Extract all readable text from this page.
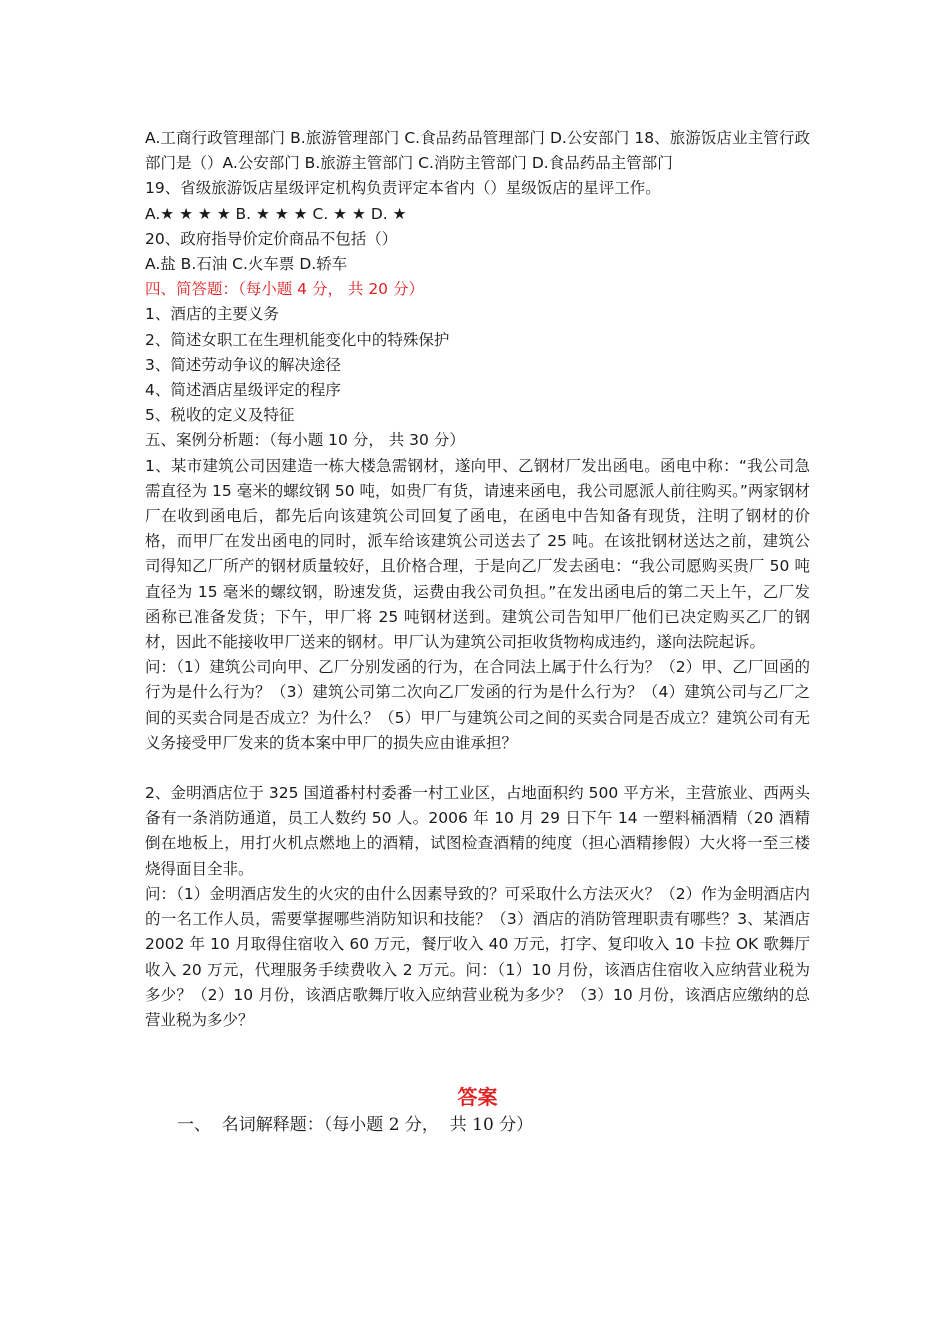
A.工商行政管理部门 B.旅游管理部门 C.食品药品管理部门 D.公安部门 18、旅游饭店业主管行政部门是（）A.公安部门 B.旅游主管部门 C.消防主管部门 D.食品药品主管部门

19、省级旅游饭店星级评定机构负责评定本省内（）星级饭店的星评工作。

A.★ ★ ★ ★ B. ★ ★ ★ C. ★ ★ D. ★

20、政府指导价定价商品不包括（）

A.盐 B.石油 C.火车票 D.轿车

四、简答题：（每小题 4 分， 共 20 分）

1、酒店的主要义务

2、简述女职工在生理机能变化中的特殊保护

3、简述劳动争议的解决途径

4、简述酒店星级评定的程序

5、税收的定义及特征

五、案例分析题：（每小题 10 分， 共 30 分）

1、某市建筑公司因建造一栋大楼急需钢材，遂向甲、乙钢材厂发出函电。函电中称：“我公司急需直径为 15 毫米的螺纹钢 50 吨，如贵厂有货，请速来函电，我公司愿派人前往购买。”两家钢材厂在收到函电后，都先后向该建筑公司回复了函电，在函电中告知备有现货，注明了钢材的价格，而甲厂在发出函电的同时，派车给该建筑公司送去了 25 吨。在该批钢材送达之前，建筑公司得知乙厂所产的钢材质量较好，且价格合理，于是向乙厂发去函电：“我公司愿购买贵厂 50 吨直径为 15 毫米的螺纹钢，盼速发货，运费由我公司负担。”在发出函电后的第二天上午，乙厂发函称已准备发货；下午，甲厂将 25 吨钢材送到。建筑公司告知甲厂他们已决定购买乙厂的钢材，因此不能接收甲厂送来的钢材。甲厂认为建筑公司拒收货物构成违约，遂向法院起诉。

问：（1）建筑公司向甲、乙厂分别发函的行为，在合同法上属于什么行为？（2）甲、乙厂回函的行为是什么行为？（3）建筑公司第二次向乙厂发函的行为是什么行为？（4）建筑公司与乙厂之间的买卖合同是否成立？为什么？（5）甲厂与建筑公司之间的买卖合同是否成立？建筑公司有无义务接受甲厂发来的货本案中甲厂的损失应由谁承担？

2、金明酒店位于 325 国道番村村委番一村工业区，占地面积约 500 平方米，主营旅业、西两头备有一条消防通道，员工人数约 50 人。2006 年 10 月 29 日下午 14 一塑料桶酒精（20 酒精倒在地板上，用打火机点燃地上的酒精，试图检查酒精的纯度（担心酒精掺假）大火将一至三楼烧得面目全非。

问：（1）金明酒店发生的火灾的由什么因素导致的？可采取什么方法灭火？（2）作为金明酒店内的一名工作人员，需要掌握哪些消防知识和技能？（3）酒店的消防管理职责有哪些？3、某酒店 2002 年 10 月取得住宿收入 60 万元，餐厅收入 40 万元，打字、复印收入 10 卡拉 OK 歌舞厅收入 20 万元，代理服务手续费收入 2 万元。问：（1）10 月份，该酒店住宿收入应纳营业税为多少？（2）10 月份，该酒店歌舞厅收入应纳营业税为多少？（3）10 月份，该酒店应缴纳的总营业税为多少？

答案

一、  名词解释题：（每小题 2 分，  共 10 分）
